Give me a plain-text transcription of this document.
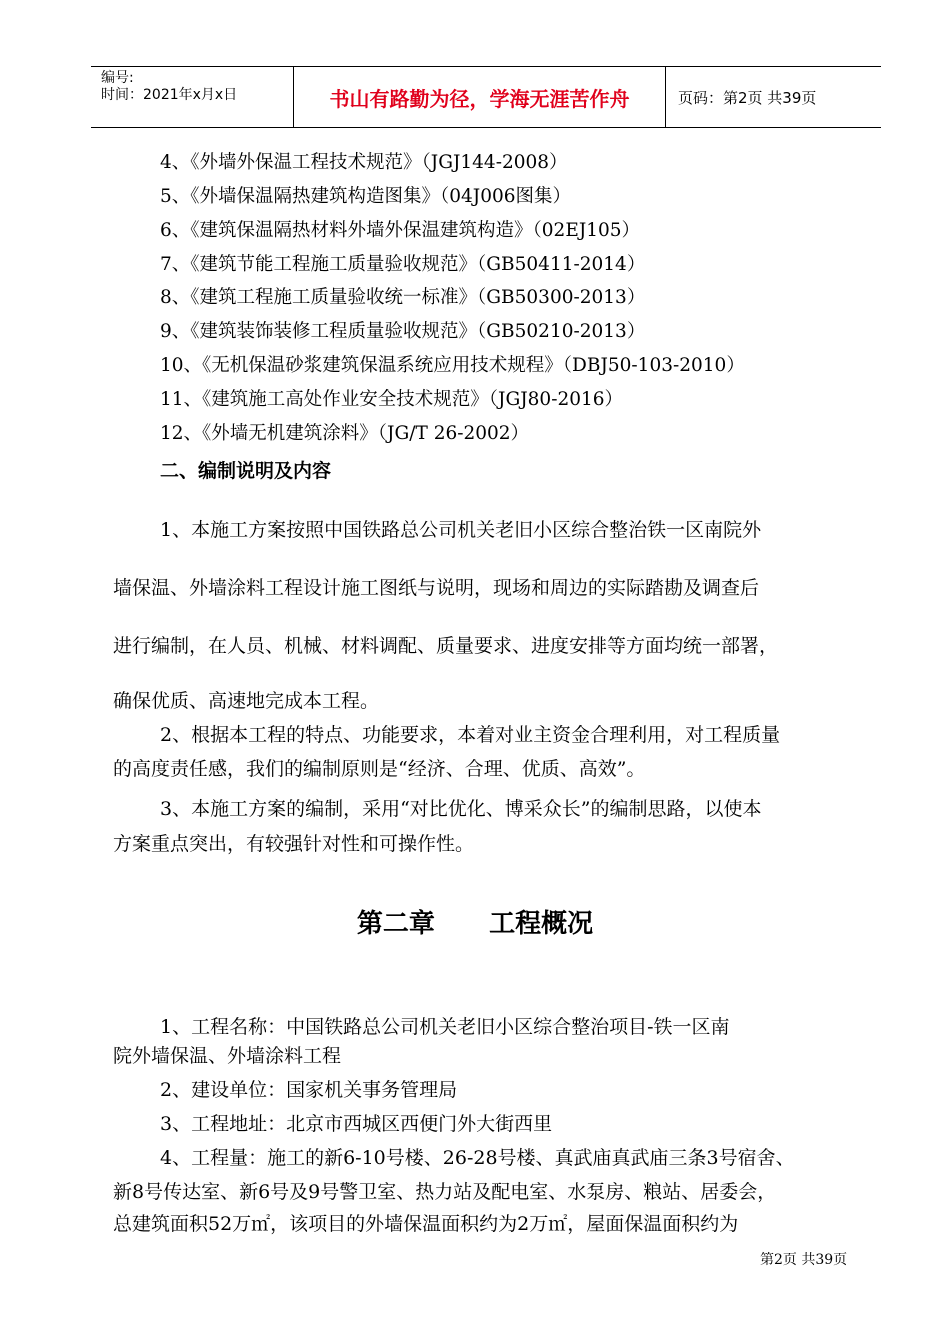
编号:
时间：2021年x月x日	书山有路勤为径，学海无涯苦作舟	页码：第2页 共39页
4、《外墙外保温工程技术规范》（JGJ144-2008）
5、《外墙保温隔热建筑构造图集》（04J006图集）
6、《建筑保温隔热材料外墙外保温建筑构造》（02EJ105）
7、《建筑节能工程施工质量验收规范》（GB50411-2014）
8、《建筑工程施工质量验收统一标准》（GB50300-2013）
9、《建筑装饰装修工程质量验收规范》（GB50210-2013）
10、《无机保温砂浆建筑保温系统应用技术规程》（DBJ50-103-2010）
11、《建筑施工高处作业安全技术规范》（JGJ80-2016）
12、《外墙无机建筑涂料》（JG/T 26-2002）
二、编制说明及内容
1、本施工方案按照中国铁路总公司机关老旧小区综合整治铁一区南院外
墙保温、外墙涂料工程设计施工图纸与说明，现场和周边的实际踏勘及调查后
进行编制，在人员、机械、材料调配、质量要求、进度安排等方面均统一部署，
确保优质、高速地完成本工程。
2、根据本工程的特点、功能要求，本着对业主资金合理利用，对工程质量
的高度责任感，我们的编制原则是“经济、合理、优质、高效”。
3、本施工方案的编制，采用“对比优化、博采众长”的编制思路，以使本
方案重点突出，有较强针对性和可操作性。
第二章      工程概况
1、工程名称：中国铁路总公司机关老旧小区综合整治项目-铁一区南
院外墙保温、外墙涂料工程
2、建设单位：国家机关事务管理局
3、工程地址：北京市西城区西便门外大街西里
4、工程量：施工的新6-10号楼、26-28号楼、真武庙真武庙三条3号宿舍、
新8号传达室、新6号及9号警卫室、热力站及配电室、水泵房、粮站、居委会，
总建筑面积52万㎡，该项目的外墙保温面积约为2万㎡，屋面保温面积约为
第2页 共39页
